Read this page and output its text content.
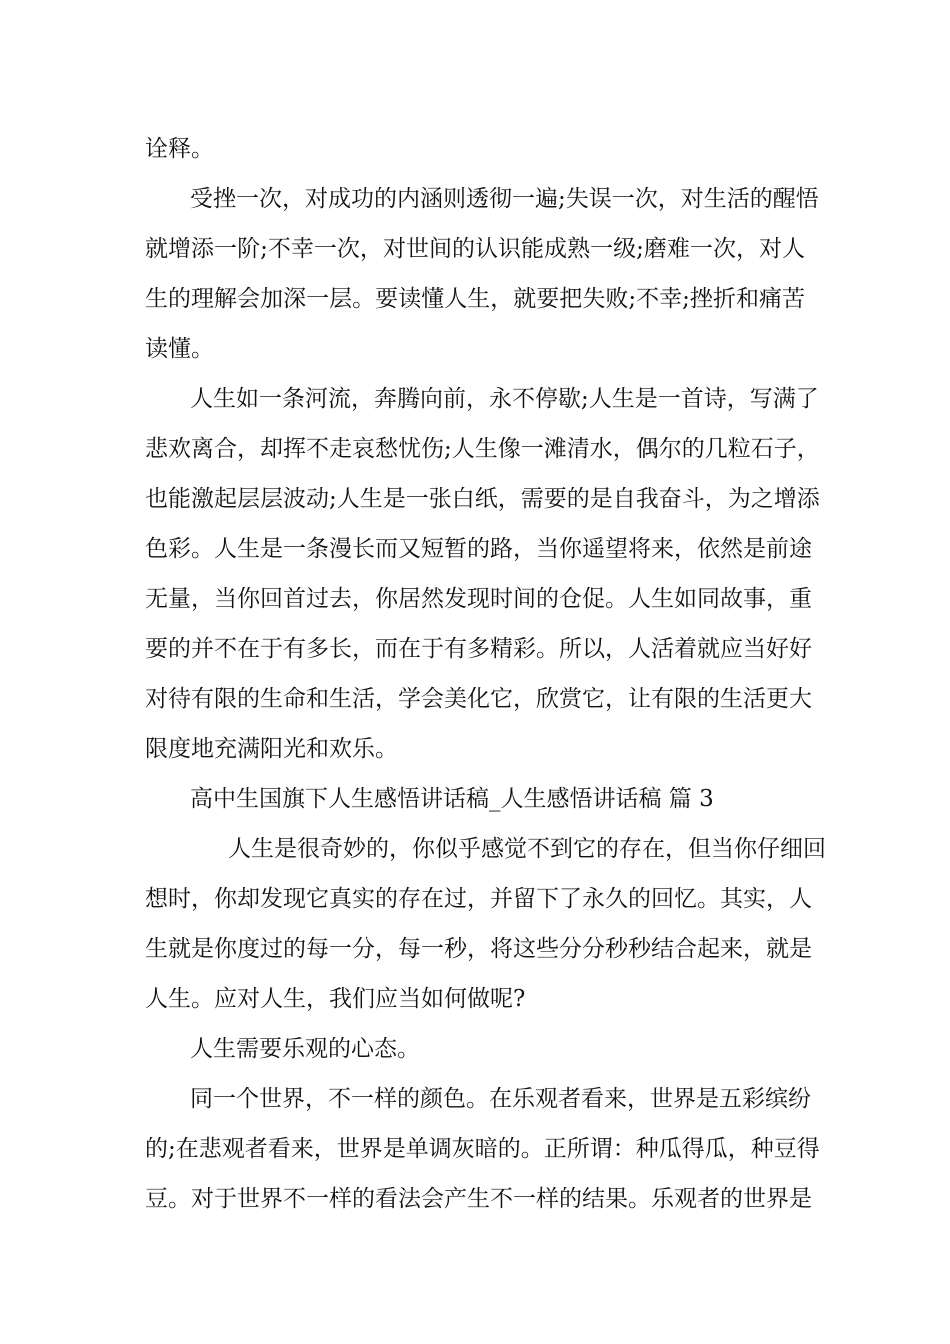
诠释。
受挫一次，对成功的内涵则透彻一遍;失误一次，对生活的醒悟
就增添一阶;不幸一次，对世间的认识能成熟一级;磨难一次，对人
生的理解会加深一层。要读懂人生，就要把失败;不幸;挫折和痛苦
读懂。
人生如一条河流，奔腾向前，永不停歇;人生是一首诗，写满了
悲欢离合，却挥不走哀愁忧伤;人生像一滩清水，偶尔的几粒石子，
也能激起层层波动;人生是一张白纸，需要的是自我奋斗，为之增添
色彩。人生是一条漫长而又短暂的路，当你遥望将来，依然是前途
无量，当你回首过去，你居然发现时间的仓促。人生如同故事，重
要的并不在于有多长，而在于有多精彩。所以，人活着就应当好好
对待有限的生命和生活，学会美化它，欣赏它，让有限的生活更大
限度地充满阳光和欢乐。
高中生国旗下人生感悟讲话稿_人生感悟讲话稿 篇 3
人生是很奇妙的，你似乎感觉不到它的存在，但当你仔细回
想时，你却发现它真实的存在过，并留下了永久的回忆。其实，人
生就是你度过的每一分，每一秒，将这些分分秒秒结合起来，就是
人生。应对人生，我们应当如何做呢?
人生需要乐观的心态。
同一个世界，不一样的颜色。在乐观者看来，世界是五彩缤纷
的;在悲观者看来，世界是单调灰暗的。正所谓：种瓜得瓜，种豆得
豆。对于世界不一样的看法会产生不一样的结果。乐观者的世界是
